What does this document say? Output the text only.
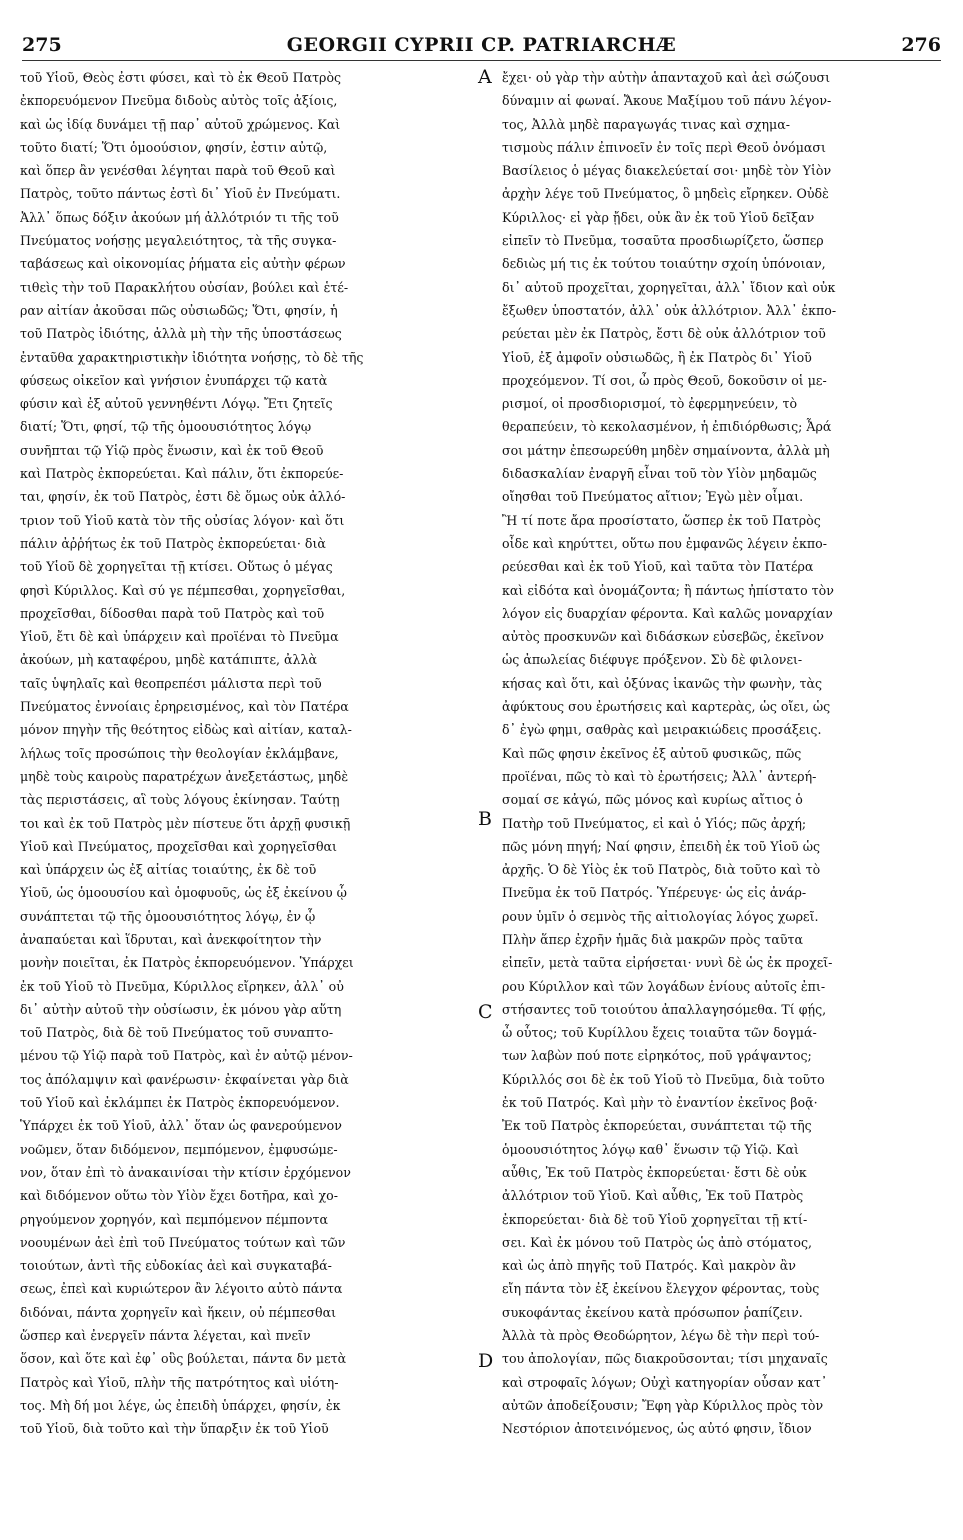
275	GEORGII CYPRII CP. PATRIARCHÆ	276
A
B
C
D

τοῦ Υἱοῦ, Θεὸς ἐστι φύσει, καὶ τὸ ἐκ Θεοῦ Πατρὸς

ἐκπορευόμενον Πνεῦμα διδοὺς αὐτὸς τοῖς ἀξίοις,

καὶ ὡς ἰδίᾳ δυνάμει τῇ παρ᾽ αὐτοῦ χρώμενος. Καὶ

τοῦτο διατί; Ὅτι ὁμοούσιον, φησίν, ἐστιν αὐτῷ,

καὶ ὅπερ ἂν γενέσθαι λέγηται παρὰ τοῦ Θεοῦ καὶ

Πατρὸς, τοῦτο πάντως ἐστὶ δι᾽ Υἱοῦ ἐν Πνεύματι.

Ἀλλ᾽ ὅπως δόξιν ἀκούων μή ἀλλότριόν τι τῆς τοῦ

Πνεύματος νοήσῃς μεγαλειότητος, τὰ τῆς συγκα-

ταβάσεως καὶ οἰκονομίας ῥήματα εἰς αὐτὴν φέρων

τιθεὶς τὴν τοῦ Παρακλήτου οὐσίαν, βούλει καὶ ἑτέ-

ραν αἰτίαν ἀκοῦσαι πῶς οὐσιωδῶς; Ὅτι, φησίν, ἡ

τοῦ Πατρὸς ἰδιότης, ἀλλὰ μὴ τὴν τῆς ὑποστάσεως

ἐνταῦθα χαρακτηριστικὴν ἰδιότητα νοήσῃς, τὸ δὲ τῆς

φύσεως οἰκεῖον καὶ γνήσιον ἐνυπάρχει τῷ κατὰ

φύσιν καὶ ἐξ αὐτοῦ γεννηθέντι Λόγῳ. Ἔτι ζητεῖς

διατί; Ὅτι, φησί, τῷ τῆς ὁμοουσιότητος λόγῳ

συνῆπται τῷ Υἱῷ πρὸς ἕνωσιν, καὶ ἐκ τοῦ Θεοῦ

καὶ Πατρὸς ἐκπορεύεται. Καὶ πάλιν, ὅτι ἐκπορεύε-

ται, φησίν, ἐκ τοῦ Πατρὸς, ἐστι δὲ ὅμως οὐκ ἀλλό-

τριον τοῦ Υἱοῦ κατὰ τὸν τῆς οὐσίας λόγον· καὶ ὅτι

πάλιν ἀῤῥήτως ἐκ τοῦ Πατρὸς ἐκπορεύεται· διὰ

τοῦ Υἱοῦ δὲ χορηγεῖται τῇ κτίσει. Οὕτως ὁ μέγας

φησὶ Κύριλλος. Καὶ σύ γε πέμπεσθαι, χορηγεῖσθαι,

προχεῖσθαι, δίδοσθαι παρὰ τοῦ Πατρὸς καὶ τοῦ

Υἱοῦ, ἔτι δὲ καὶ ὑπάρχειν καὶ προϊέναι τὸ Πνεῦμα

ἀκούων, μὴ καταφέρου, μηδὲ κατάπιπτε, ἀλλὰ

ταῖς ὑψηλαῖς καὶ θεοπρεπέσι μάλιστα περὶ τοῦ

Πνεύματος ἐννοίαις ἐρηρεισμένος, καὶ τὸν Πατέρα

μόνον πηγὴν τῆς θεότητος εἰδὼς καὶ αἰτίαν, καταλ-

λήλως τοῖς προσώποις τὴν θεολογίαν ἐκλάμβανε,

μηδὲ τοὺς καιροὺς παρατρέχων ἀνεξετάστως, μηδὲ

τὰς περιστάσεις, αἳ τοὺς λόγους ἐκίνησαν. Ταύτῃ

τοι καὶ ἐκ τοῦ Πατρὸς μὲν πίστευε ὅτι ἀρχῇ φυσικῇ

Υἱοῦ καὶ Πνεύματος, προχεῖσθαι καὶ χορηγεῖσθαι

καὶ ὑπάρχειν ὡς ἐξ αἰτίας τοιαύτης, ἐκ δὲ τοῦ

Υἱοῦ, ὡς ὁμοουσίου καὶ ὁμοφυοῦς, ὡς ἐξ ἐκείνου ᾧ

συνάπτεται τῷ τῆς ὁμοουσιότητος λόγῳ, ἐν ᾧ

ἀναπαύεται καὶ ἵδρυται, καὶ ἀνεκφοίτητον τὴν

μονὴν ποιεῖται, ἐκ Πατρὸς ἐκπορευόμενον. Ὑπάρχει

ἐκ τοῦ Υἱοῦ τὸ Πνεῦμα, Κύριλλος εἴρηκεν, ἀλλ᾽ οὐ

δι᾽ αὐτὴν αὐτοῦ τὴν οὐσίωσιν, ἐκ μόνου γὰρ αὕτη

τοῦ Πατρὸς, διὰ δὲ τοῦ Πνεύματος τοῦ συναπτο-

μένου τῷ Υἱῷ παρὰ τοῦ Πατρὸς, καὶ ἐν αὐτῷ μένον-

τος ἀπόλαμψιν καὶ φανέρωσιν· ἐκφαίνεται γὰρ διὰ

τοῦ Υἱοῦ καὶ ἐκλάμπει ἐκ Πατρὸς ἐκπορευόμενον.

Ὑπάρχει ἐκ τοῦ Υἱοῦ, ἀλλ᾽ ὅταν ὡς φανερούμενον

νοῶμεν, ὅταν διδόμενον, πεμπόμενον, ἐμφυσώμε-

νον, ὅταν ἐπὶ τὸ ἀνακαινίσαι τὴν κτίσιν ἐρχόμενον

καὶ διδόμενον οὕτω τὸν Υἱὸν ἔχει δοτῆρα, καὶ χο-

ρηγούμενον χορηγόν, καὶ πεμπόμενον πέμποντα

νοουμένων ἀεὶ ἐπὶ τοῦ Πνεύματος τούτων καὶ τῶν

τοιούτων, ἀντὶ τῆς εὐδοκίας ἀεὶ καὶ συγκαταβά-

σεως, ἐπεὶ καὶ κυριώτερον ἂν λέγοιτο αὐτὸ πάντα

διδόναι, πάντα χορηγεῖν καὶ ἥκειν, οὐ πέμπεσθαι

ὥσπερ καὶ ἐνεργεῖν πάντα λέγεται, καὶ πνεῖν

ὅσον, καὶ ὅτε καὶ ἐφ᾽ οὓς βούλεται, πάντα δν μετὰ

Πατρὸς καὶ Υἱοῦ, πλὴν τῆς πατρότητος καὶ υἱότη-

τος. Μὴ δή μοι λέγε, ὡς ἐπειδὴ ὑπάρχει, φησίν, ἐκ

τοῦ Υἱοῦ, διὰ τοῦτο καὶ τὴν ὕπαρξιν ἐκ τοῦ Υἱοῦ

ἔχει· οὐ γὰρ τὴν αὐτὴν ἁπανταχοῦ καὶ ἀεὶ σώζουσι

δύναμιν αἱ φωναί. Ἄκουε Μαξίμου τοῦ πάνυ λέγον-

τος, Ἀλλὰ μηδὲ παραγωγάς τινας καὶ σχημα-

τισμοὺς πάλιν ἐπινοεῖν ἐν τοῖς περὶ Θεοῦ ὀνόμασι

Βασίλειος ὁ μέγας διακελεύεταί σοι· μηδὲ τὸν Υἱὸν

ἀρχὴν λέγε τοῦ Πνεύματος, ὃ μηδεὶς εἴρηκεν. Οὐδὲ

Κύριλλος· εἰ γὰρ ᾔδει, οὐκ ἂν ἐκ τοῦ Υἱοῦ δεῖξαν

εἰπεῖν τὸ Πνεῦμα, τοσαῦτα προσδιωρίζετο, ὥσπερ

δεδιὼς μή τις ἐκ τούτου τοιαύτην σχοίη ὑπόνοιαν,

δι᾽ αὐτοῦ προχεῖται, χορηγεῖται, ἀλλ᾽ ἴδιον καὶ οὐκ

ἔξωθεν ὑποστατόν, ἀλλ᾽ οὐκ ἀλλότριον. Ἀλλ᾽ ἐκπο-

ρεύεται μὲν ἐκ Πατρὸς, ἔστι δὲ οὐκ ἀλλότριον τοῦ

Υἱοῦ, ἐξ ἀμφοῖν οὐσιωδῶς, ἢ ἐκ Πατρὸς δι᾽ Υἱοῦ

προχεόμενον. Τί σοι, ὦ πρὸς Θεοῦ, δοκοῦσιν οἱ με-

ρισμοί, οἱ προσδιορισμοί, τὸ ἐφερμηνεύειν, τὸ

θεραπεύειν, τὸ κεκολασμένον, ἡ ἐπιδιόρθωσις; Ἆρά

σοι μάτην ἐπεσωρεύθη μηδὲν σημαίνοντα, ἀλλὰ μὴ

διδασκαλίαν ἐναργῆ εἶναι τοῦ τὸν Υἱὸν μηδαμῶς

οἴησθαι τοῦ Πνεύματος αἴτιον; Ἐγὼ μὲν οἶμαι.

Ἢ τί ποτε ἄρα προσίστατο, ὥσπερ ἐκ τοῦ Πατρὸς

οἶδε καὶ κηρύττει, οὕτω που ἐμφανῶς λέγειν ἐκπο-

ρεύεσθαι καὶ ἐκ τοῦ Υἱοῦ, καὶ ταῦτα τὸν Πατέρα

καὶ εἰδότα καὶ ὀνομάζοντα; ἢ πάντως ἠπίστατο τὸν

λόγον εἰς δυαρχίαν φέροντα. Καὶ καλῶς μοναρχίαν

αὐτὸς προσκυνῶν καὶ διδάσκων εὐσεβῶς, ἐκεῖνον

ὡς ἀπωλείας διέφυγε πρόξενον. Σὺ δὲ φιλονει-

κήσας καὶ ὅτι, καὶ ὀξύνας ἱκανῶς τὴν φωνὴν, τὰς

ἀφύκτους σου ἐρωτήσεις καὶ καρτερὰς, ὡς οἴει, ὡς

δ᾽ ἐγὼ φημι, σαθρὰς καὶ μειρακιώδεις προσάξεις.

Καὶ πῶς φησιν ἐκεῖνος ἐξ αὐτοῦ φυσικῶς, πῶς

προϊέναι, πῶς τὸ καὶ τὸ ἐρωτήσεις; Ἀλλ᾽ ἀντερή-

σομαί σε κἀγώ, πῶς μόνος καὶ κυρίως αἴτιος ὁ

Πατὴρ τοῦ Πνεύματος, εἰ καὶ ὁ Υἱός; πῶς ἀρχή;

πῶς μόνη πηγή; Ναί φησιν, ἐπειδὴ ἐκ τοῦ Υἱοῦ ὡς

ἀρχῆς. Ὁ δὲ Υἱὸς ἐκ τοῦ Πατρὸς, διὰ τοῦτο καὶ τὸ

Πνεῦμα ἐκ τοῦ Πατρός. Ὑπέρευγε· ὡς εἰς ἀνάρ-

ρουν ὑμῖν ὁ σεμνὸς τῆς αἰτιολογίας λόγος χωρεῖ.

Πλὴν ἅπερ ἐχρῆν ἡμᾶς διὰ μακρῶν πρὸς ταῦτα

εἰπεῖν, μετὰ ταῦτα εἰρήσεται· νυνὶ δὲ ὡς ἐκ προχεῖ-

ρου Κύριλλον καὶ τῶν λογάδων ἑνίους αὐτοῖς ἐπι-

στήσαντες τοῦ τοιούτου ἀπαλλαγησόμεθα. Τί φῄς,

ὦ οὗτος; τοῦ Κυρίλλου ἔχεις τοιαῦτα τῶν δογμά-

των λαβὼν πού ποτε εἰρηκότος, ποῦ γράψαντος;

Κύριλλός σοι δὲ ἐκ τοῦ Υἱοῦ τὸ Πνεῦμα, διὰ τοῦτο

ἐκ τοῦ Πατρός. Καὶ μὴν τὸ ἐναντίον ἐκεῖνος βοᾷ·

Ἐκ τοῦ Πατρὸς ἐκπορεύεται, συνάπτεται τῷ τῆς

ὁμοουσιότητος λόγῳ καθ᾽ ἕνωσιν τῷ Υἱῷ. Καὶ

αὖθις, Ἐκ τοῦ Πατρὸς ἐκπορεύεται· ἔστι δὲ οὐκ

ἀλλότριον τοῦ Υἱοῦ. Καὶ αὖθις, Ἐκ τοῦ Πατρὸς

ἐκπορεύεται· διὰ δὲ τοῦ Υἱοῦ χορηγεῖται τῇ κτί-

σει. Καὶ ἐκ μόνου τοῦ Πατρὸς ὡς ἀπὸ στόματος,

καὶ ὡς ἀπὸ πηγῆς τοῦ Πατρός. Καὶ μακρὸν ἂν

εἴη πάντα τὸν ἐξ ἐκείνου ἔλεγχον φέροντας, τοὺς

συκοφάντας ἐκείνου κατὰ πρόσωπον ῥαπίζειν.

Ἀλλὰ τὰ πρὸς Θεοδώρητον, λέγω δὲ τὴν περὶ τού-

του ἀπολογίαν, πῶς διακροῦσονται; τίσι μηχαναῖς

καὶ στροφαῖς λόγων; Οὐχὶ κατηγορίαν οὖσαν κατ᾽

αὐτῶν ἀποδείξουσιν; Ἔφη γὰρ Κύριλλος πρὸς τὸν

Νεστόριον ἀποτεινόμενος, ὡς αὐτό φησιν, ἴδιον
